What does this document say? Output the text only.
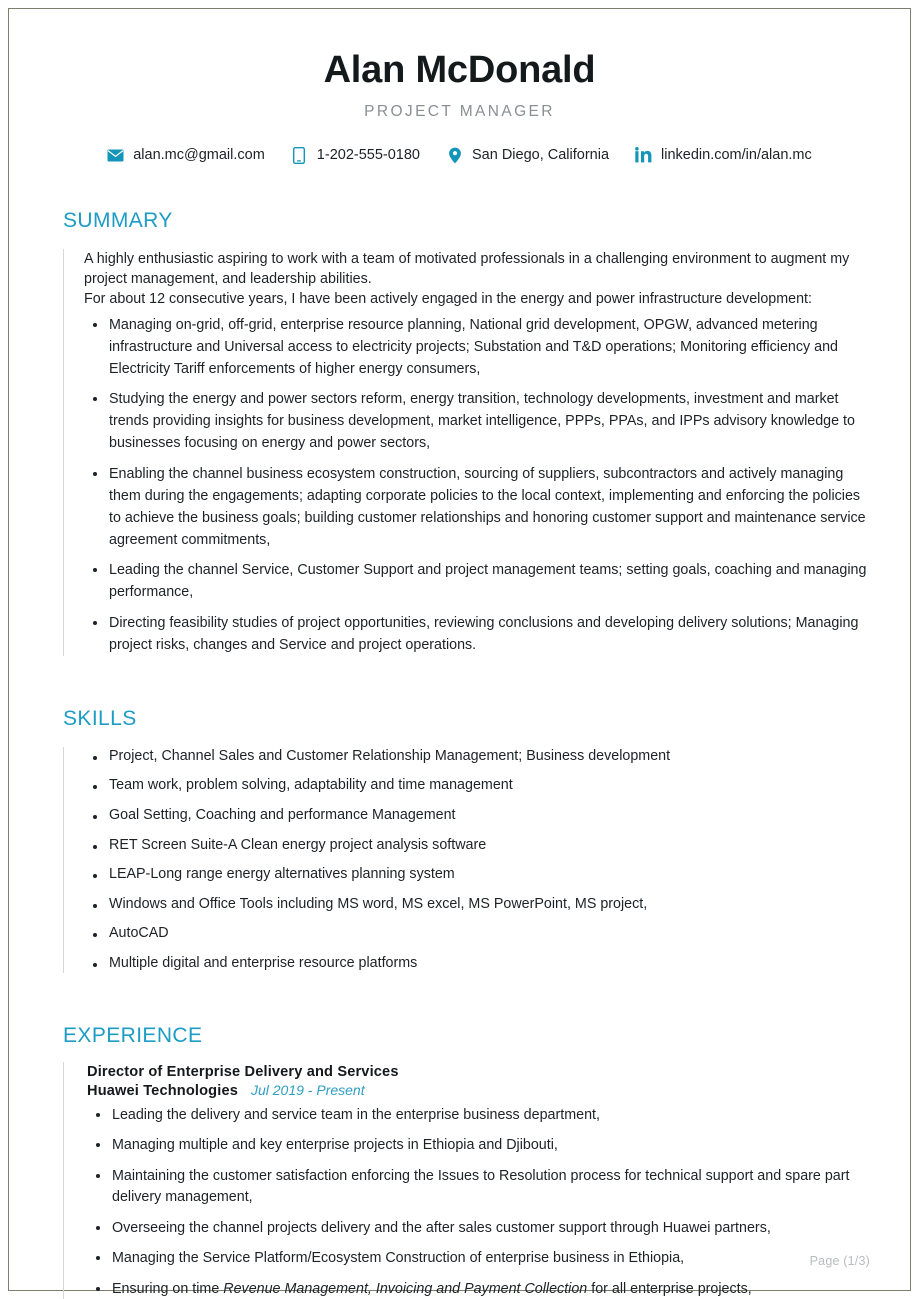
Alan McDonald
PROJECT MANAGER
alan.mc@gmail.com	1-202-555-0180	San Diego, California	linkedin.com/in/alan.mc
SUMMARY

A highly enthusiastic aspiring to work with a team of motivated professionals in a challenging environment to augment my project management, and leadership abilities.

For about 12 consecutive years, I have been actively engaged in the energy and power infrastructure development:

Managing on-grid, off-grid, enterprise resource planning, National grid development, OPGW, advanced metering infrastructure and Universal access to electricity projects; Substation and T&D operations; Monitoring efficiency and Electricity Tariff enforcements of higher energy consumers,
Studying the energy and power sectors reform, energy transition, technology developments, investment and market trends providing insights for business development, market intelligence, PPPs, PPAs, and IPPs advisory knowledge to businesses focusing on energy and power sectors,
Enabling the channel business ecosystem construction, sourcing of suppliers, subcontractors and actively managing them during the engagements; adapting corporate policies to the local context, implementing and enforcing the policies to achieve the business goals; building customer relationships and honoring customer support and maintenance service agreement commitments,
Leading the channel Service, Customer Support and project management teams; setting goals, coaching and managing performance,
Directing feasibility studies of project opportunities, reviewing conclusions and developing delivery solutions; Managing project risks, changes and Service and project operations.
SKILLS
Project, Channel Sales and Customer Relationship Management; Business development
Team work, problem solving, adaptability and time management
Goal Setting, Coaching and performance Management
RET Screen Suite-A Clean energy project analysis software
LEAP-Long range energy alternatives planning system
Windows and Office Tools including MS word, MS excel, MS PowerPoint, MS project,
AutoCAD
Multiple digital and enterprise resource platforms
EXPERIENCE
Director of Enterprise Delivery and Services
Huawei Technologies Jul 2019 - Present
Leading the delivery and service team in the enterprise business department,
Managing multiple and key enterprise projects in Ethiopia and Djibouti,
Maintaining the customer satisfaction enforcing the Issues to Resolution process for technical support and spare part delivery management,
Overseeing the channel projects delivery and the after sales customer support through Huawei partners,
Managing the Service Platform/Ecosystem Construction of enterprise business in Ethiopia,
Ensuring on time Revenue Management, Invoicing and Payment Collection for all enterprise projects,
Page (1/3)
